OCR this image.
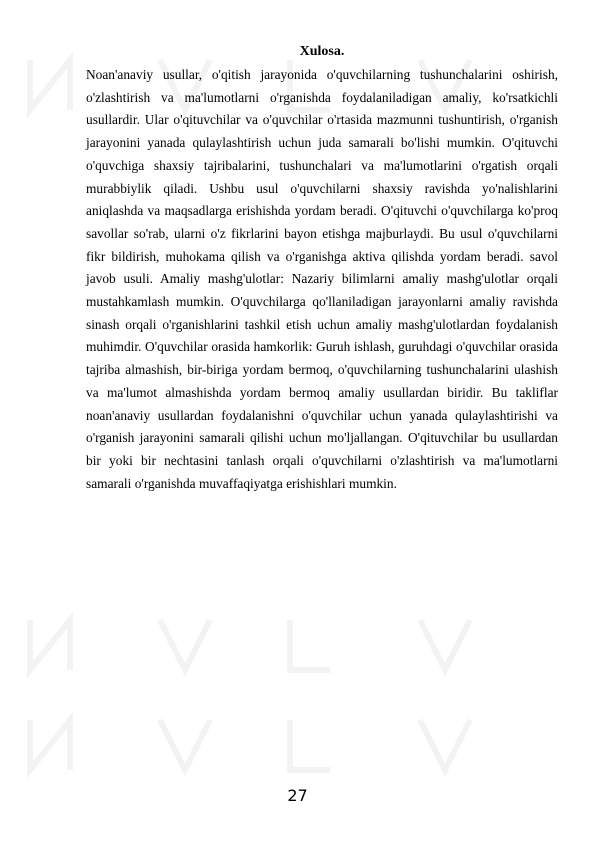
Xulosa.

Noan'anaviy usullar, o'qitish jarayonida o'quvchilarning tushunchalarini oshirish, o'zlashtirish va ma'lumotlarni o'rganishda foydalaniladigan amaliy, ko'rsatkichli usullardir. Ular o'qituvchilar va o'quvchilar o'rtasida mazmunni tushuntirish, o'rganish jarayonini yanada qulaylashtirish uchun juda samarali bo'lishi mumkin. O'qituvchi o'quvchiga shaxsiy tajribalarini, tushunchalari va ma'lumotlarini o'rgatish orqali murabbiylik qiladi. Ushbu usul o'quvchilarni shaxsiy ravishda yo'nalishlarini aniqlashda va maqsadlarga erishishda yordam beradi. O'qituvchi o'quvchilarga ko'proq savollar so'rab, ularni o'z fikrlarini bayon etishga majburlaydi. Bu usul o'quvchilarni fikr bildirish, muhokama qilish va o'rganishga aktiva qilishda yordam beradi. savol javob usuli. Amaliy mashg'ulotlar: Nazariy bilimlarni amaliy mashg'ulotlar orqali mustahkamlash mumkin. O'quvchilarga qo'llaniladigan jarayonlarni amaliy ravishda sinash orqali o'rganishlarini tashkil etish uchun amaliy mashg'ulotlardan foydalanish muhimdir. O'quvchilar orasida hamkorlik: Guruh ishlash, guruhdagi o'quvchilar orasida tajriba almashish, bir-biriga yordam bermoq, o'quvchilarning tushunchalarini ulashish va ma'lumot almashishda yordam bermoq amaliy usullardan biridir. Bu takliflar noan'anaviy usullardan foydalanishni o'quvchilar uchun yanada qulaylashtirishi va o'rganish jarayonini samarali qilishi uchun mo'ljallangan. O'qituvchilar bu usullardan bir yoki bir nechtasini tanlash orqali o'quvchilarni o'zlashtirish va ma'lumotlarni samarali o'rganishda muvaffaqiyatga erishishlari mumkin.

27
